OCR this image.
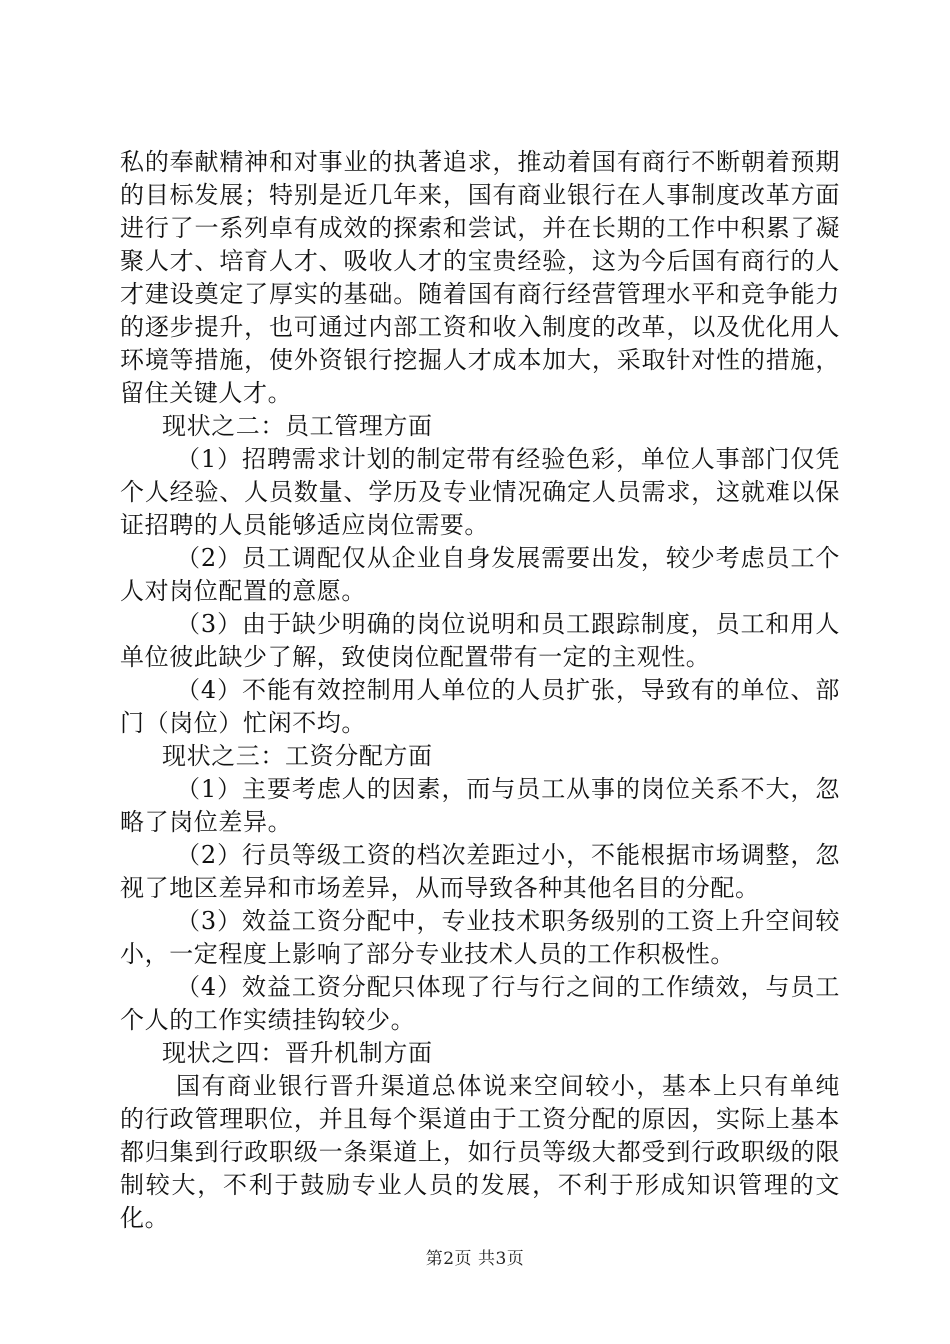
私的奉献精神和对事业的执著追求，推动着国有商行不断朝着预期的目标发展；特别是近几年来，国有商业银行在人事制度改革方面进行了一系列卓有成效的探索和尝试，并在长期的工作中积累了凝聚人才、培育人才、吸收人才的宝贵经验，这为今后国有商行的人才建设奠定了厚实的基础。随着国有商行经营管理水平和竞争能力的逐步提升，也可通过内部工资和收入制度的改革，以及优化用人环境等措施，使外资银行挖掘人才成本加大，采取针对性的措施，留住关键人才。

现状之二：员工管理方面

（1）招聘需求计划的制定带有经验色彩，单位人事部门仅凭个人经验、人员数量、学历及专业情况确定人员需求，这就难以保证招聘的人员能够适应岗位需要。

（2）员工调配仅从企业自身发展需要出发，较少考虑员工个人对岗位配置的意愿。

（3）由于缺少明确的岗位说明和员工跟踪制度，员工和用人单位彼此缺少了解，致使岗位配置带有一定的主观性。

（4）不能有效控制用人单位的人员扩张，导致有的单位、部门（岗位）忙闲不均。

现状之三：工资分配方面

（1）主要考虑人的因素，而与员工从事的岗位关系不大，忽略了岗位差异。

（2）行员等级工资的档次差距过小，不能根据市场调整，忽视了地区差异和市场差异，从而导致各种其他名目的分配。

（3）效益工资分配中，专业技术职务级别的工资上升空间较小，一定程度上影响了部分专业技术人员的工作积极性。

（4）效益工资分配只体现了行与行之间的工作绩效，与员工个人的工作实绩挂钩较少。

现状之四：晋升机制方面

国有商业银行晋升渠道总体说来空间较小，基本上只有单纯的行政管理职位，并且每个渠道由于工资分配的原因，实际上基本都归集到行政职级一条渠道上，如行员等级大都受到行政职级的限制较大，不利于鼓励专业人员的发展，不利于形成知识管理的文化。

第2页 共3页
